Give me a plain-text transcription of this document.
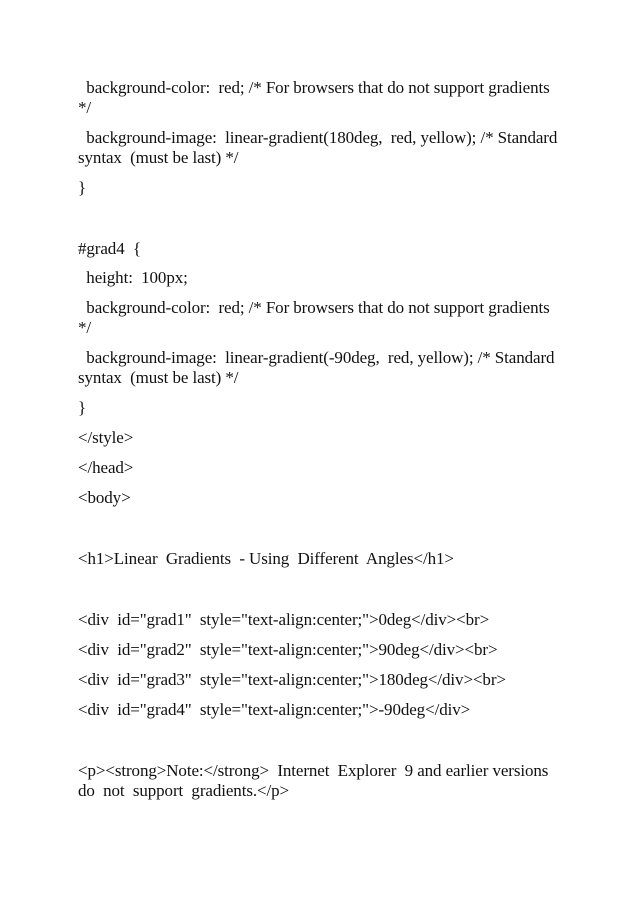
background-color:  red; /* For browsers that do not support gradients
*/
background-image:  linear-gradient(180deg,  red, yellow); /* Standard
syntax  (must be last) */
}
#grad4  {
height:  100px;
background-color:  red; /* For browsers that do not support gradients
*/
background-image:  linear-gradient(-90deg,  red, yellow); /* Standard
syntax  (must be last) */
}
</style>
</head>
<body>
<h1>Linear  Gradients  - Using  Different  Angles</h1>
<div  id="grad1"  style="text-align:center;">0deg</div><br>
<div  id="grad2"  style="text-align:center;">90deg</div><br>
<div  id="grad3"  style="text-align:center;">180deg</div><br>
<div  id="grad4"  style="text-align:center;">-90deg</div>
<p><strong>Note:</strong>  Internet  Explorer  9 and earlier versions
do  not  support  gradients.</p>
